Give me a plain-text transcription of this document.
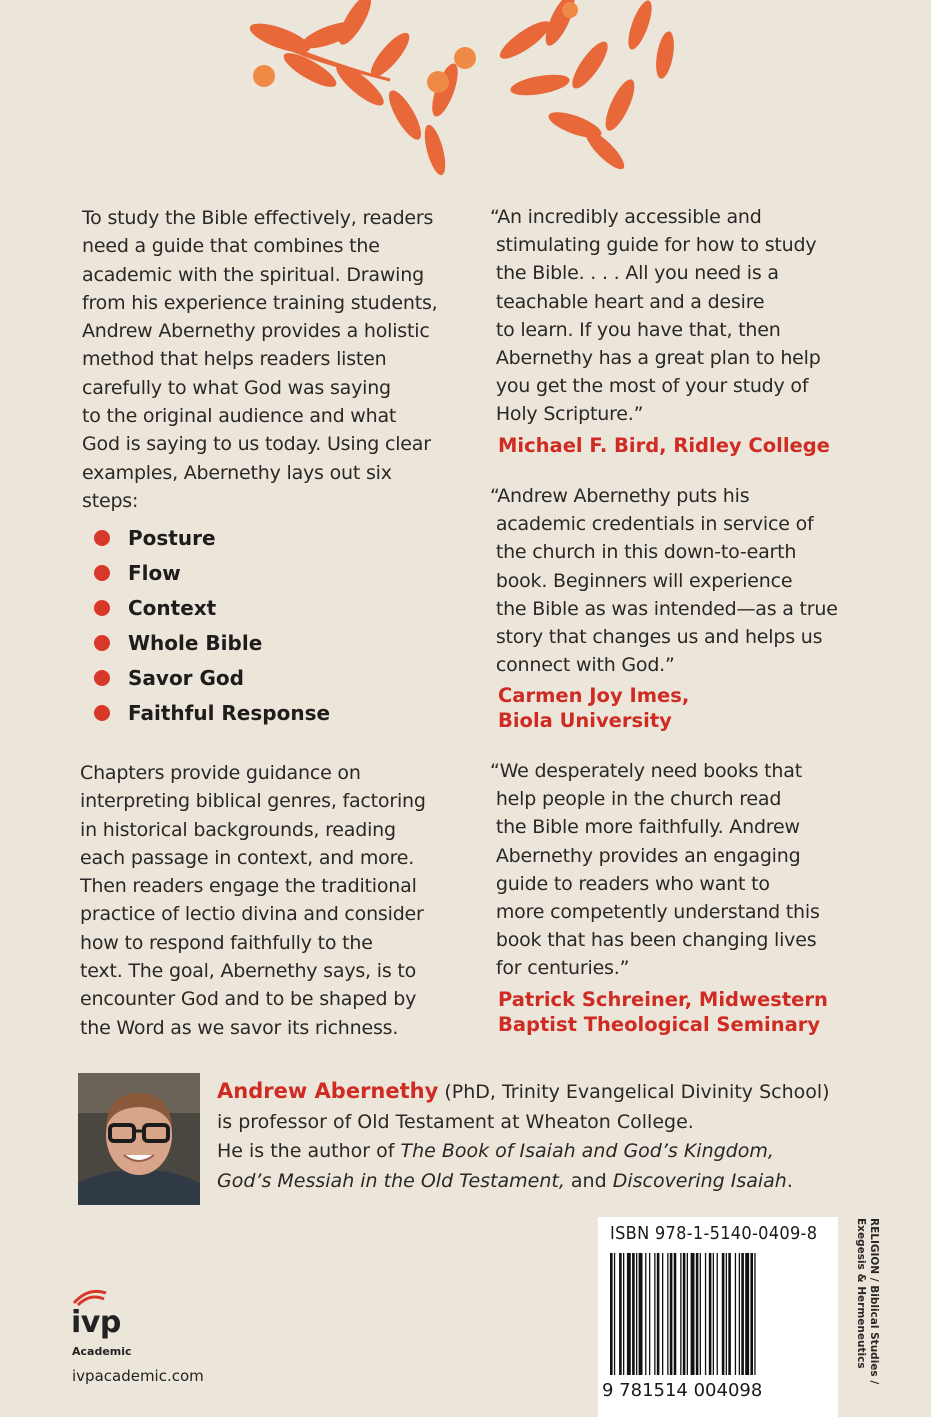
To study the Bible effectively, readers
need a guide that combines the
academic with the spiritual. Drawing
from his experience training students,
Andrew Abernethy provides a holistic
method that helps readers listen
carefully to what God was saying
to the original audience and what
God is saying to us today. Using clear
examples, Abernethy lays out six steps:

Posture
Flow
Context
Whole Bible
Savor God
Faithful Response

Chapters provide guidance on
interpreting biblical genres, factoring
in historical backgrounds, reading
each passage in context, and more.
Then readers engage the traditional
practice of lectio divina and consider
how to respond faithfully to the
text. The goal, Abernethy says, is to
encounter God and to be shaped by
the Word as we savor its richness.

“An incredibly accessible and
stimulating guide for how to study
the Bible. . . . All you need is a
teachable heart and a desire
to learn. If you have that, then
Abernethy has a great plan to help
you get the most of your study of
Holy Scripture.”

Michael F. Bird, Ridley College

“Andrew Abernethy puts his
academic credentials in service of
the church in this down-to-earth
book. Beginners will experience
the Bible as was intended—as a true
story that changes us and helps us
connect with God.”

Carmen Joy Imes,
Biola University

“We desperately need books that
help people in the church read
the Bible more faithfully. Andrew
Abernethy provides an engaging
guide to readers who want to
more competently understand this
book that has been changing lives
for centuries.”

Patrick Schreiner, Midwestern
Baptist Theological Seminary
Andrew Abernethy (PhD, Trinity Evangelical Divinity School)
is professor of Old Testament at Wheaton College.
He is the author of The Book of Isaiah and God’s Kingdom,
God’s Messiah in the Old Testament, and Discovering Isaiah.
ISBN 978-1-5140-0409-8
9 781514 004098
RELIGION / Biblical Studies /
Exegesis & Hermeneutics
ivp
Academic
ivpacademic.com
